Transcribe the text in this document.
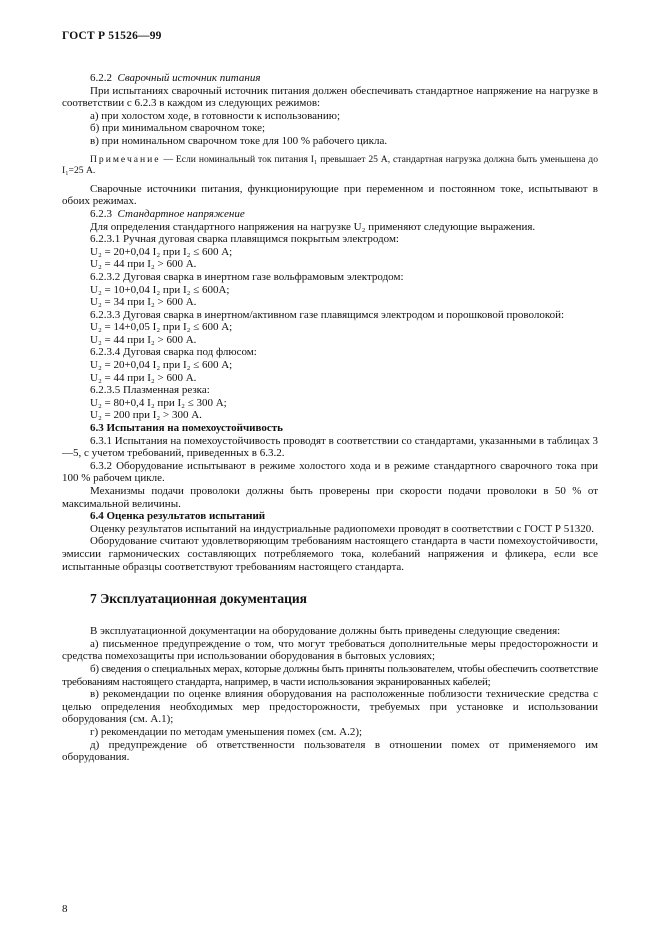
ГОСТ Р 51526—99

6.2.2 Сварочный источник питания

При испытаниях сварочный источник питания должен обеспечивать стандартное напряжение на нагрузке в соответствии с 6.2.3 в каждом из следующих режимов:

а) при холостом ходе, в готовности к использованию;

б) при минимальном сварочном токе;

в) при номинальном сварочном токе для 100 % рабочего цикла.

Примечание — Если номинальный ток питания I₁ превышает 25 А, стандартная нагрузка должна быть уменьшена до I₁=25 А.

Сварочные источники питания, функционирующие при переменном и постоянном токе, испытывают в обоих режимах.

6.2.3 Стандартное напряжение

Для определения стандартного напряжения на нагрузке U₂ применяют следующие выражения.

6.2.3.1 Ручная дуговая сварка плавящимся покрытым электродом:

U₂ = 20+0,04 I₂ при I₂ ≤ 600 А;

U₂ = 44 при I₂ > 600 А.

6.2.3.2 Дуговая сварка в инертном газе вольфрамовым электродом:

U₂ = 10+0,04 I₂ при I₂ ≤ 600А;

U₂ = 34 при I₂ > 600 А.

6.2.3.3 Дуговая сварка в инертном/активном газе плавящимся электродом и порошковой проволокой:

U₂ = 14+0,05 I₂ при I₂ ≤ 600 А;

U₂ = 44 при I₂ > 600 А.

6.2.3.4 Дуговая сварка под флюсом:

U₂ = 20+0,04 I₂ при I₂ ≤ 600 А;

U₂ = 44 при I₂ > 600 А.

6.2.3.5 Плазменная резка:

U₂ = 80+0,4 I₂ при I₂ ≤ 300 А;

U₂ = 200 при I₂ > 300 А.

6.3 Испытания на помехоустойчивость

6.3.1 Испытания на помехоустойчивость проводят в соответствии со стандартами, указанными в таблицах 3—5, с учетом требований, приведенных в 6.3.2.

6.3.2 Оборудование испытывают в режиме холостого хода и в режиме стандартного сварочного тока при 100 % рабочем цикле.

Механизмы подачи проволоки должны быть проверены при скорости подачи проволоки в 50 % от максимальной величины.

6.4 Оценка результатов испытаний

Оценку результатов испытаний на индустриальные радиопомехи проводят в соответствии с ГОСТ Р 51320.

Оборудование считают удовлетворяющим требованиям настоящего стандарта в части помехоустойчивости, эмиссии гармонических составляющих потребляемого тока, колебаний напряжения и фликера, если все испытанные образцы соответствуют требованиям настоящего стандарта.

7 Эксплуатационная документация

В эксплуатационной документации на оборудование должны быть приведены следующие сведения:

а) письменное предупреждение о том, что могут требоваться дополнительные меры предосторожности и средства помехозащиты при использовании оборудования в бытовых условиях;

б) сведения о специальных мерах, которые должны быть приняты пользователем, чтобы обеспечить соответствие требованиям настоящего стандарта, например, в части использования экранированных кабелей;

в) рекомендации по оценке влияния оборудования на расположенные поблизости технические средства с целью определения необходимых мер предосторожности, требуемых при установке и использовании оборудования (см. А.1);

г) рекомендации по методам уменьшения помех (см. А.2);

д) предупреждение об ответственности пользователя в отношении помех от применяемого им оборудования.

8
